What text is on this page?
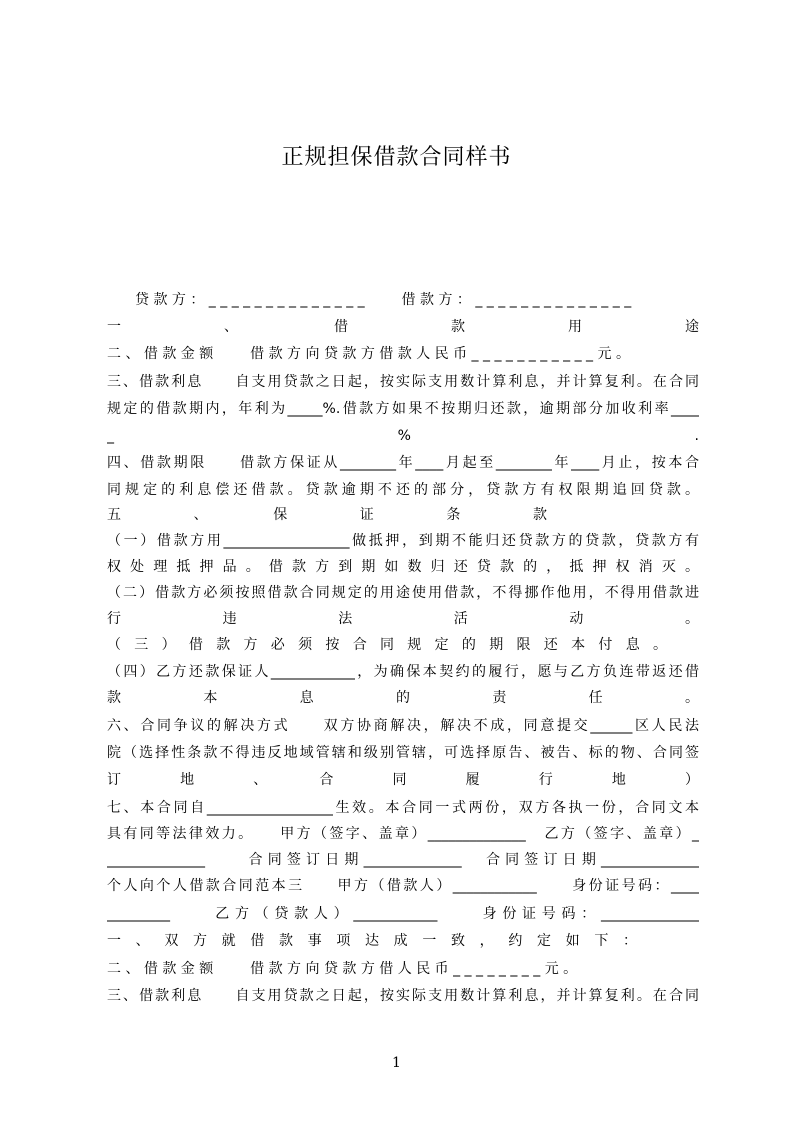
正规担保借款合同样书
　　贷 款 方 ： _ _ _ _ _ _ _ _ _ _ _ _ _ _ 　　 借 款 方 ： _ _ _ _ _ _ _ _ _ _ _ _ _ _
一　　　　、　　　　借　　　　款　　　　用　　　　途
二 、 借 款 金 额 　　 借 款 方 向 贷 款 方 借 款 人 民 币 _ _ _ _ _ _ _ _ _ _ _ 元 。
三、借款利息　　自支用贷款之日起，按实际支用数计算利息，并计算复利。在合同
规定的借款期内，年利为_____%.借款方如果不按期归还款，逾期部分加收利率____
_　　　　　　　　　　　　　　　　　　　　%　　　　　　　　　　　　　　　　　　　　.
四、借款期限　　借款方保证从________年____月起至________年____月止，按本合
同规定的利息偿还借款。贷款逾期不还的部分，贷款方有权限期追回贷款。
五　　　、　　　保　　　证　　　条　　　款
（一）借款方用__________________做抵押，到期不能归还贷款方的贷款，贷款方有
权 处 理 抵 押 品 。 借 款 方 到 期 如 数 归 还 贷 款 的 ， 抵 押 权 消 灭 。
（二）借款方必须按照借款合同规定的用途使用借款，不得挪作他用，不得用借款进
行　　　　违　　　　法　　　　活　　　　动　　　　。
（ 三 ） 借 款 方 必 须 按 合 同 规 定 的 期 限 还 本 付 息 。
（四）乙方还款保证人____________，为确保本契约的履行，愿与乙方负连带返还借
款　　　　本　　　　息　　　　的　　　　责　　　　任　　　　。
六、合同争议的解决方式　　双方协商解决，解决不成，同意提交______区人民法
院（选择性条款不得违反地域管辖和级别管辖，可选择原告、被告、标的物、合同签
订　　　　地　　　　、　　　　合　　　　同　　　　履　　　　行　　　　地　　　　）
七、本合同自__________________生效。本合同一式两份，双方各执一份，合同文本
具有同等法律效力。　　甲方（签字、盖章）______________　乙方（签字、盖章）_
______________　　合同签订日期______________　合同签订日期______________
个人向个人借款合同范本三　　甲方（借款人）____________　　身份证号码：____
_________　　乙方（贷款人）____________　　身份证号码：______________
一 、 双 方 就 借 款 事 项 达 成 一 致 ， 约 定 如 下 ：
二 、 借 款 金 额 　　 借 款 方 向 贷 款 方 借 人 民 币 _ _ _ _ _ _ _ _ 元 。
三、借款利息　　自支用贷款之日起，按实际支用数计算利息，并计算复利。在合同
1
